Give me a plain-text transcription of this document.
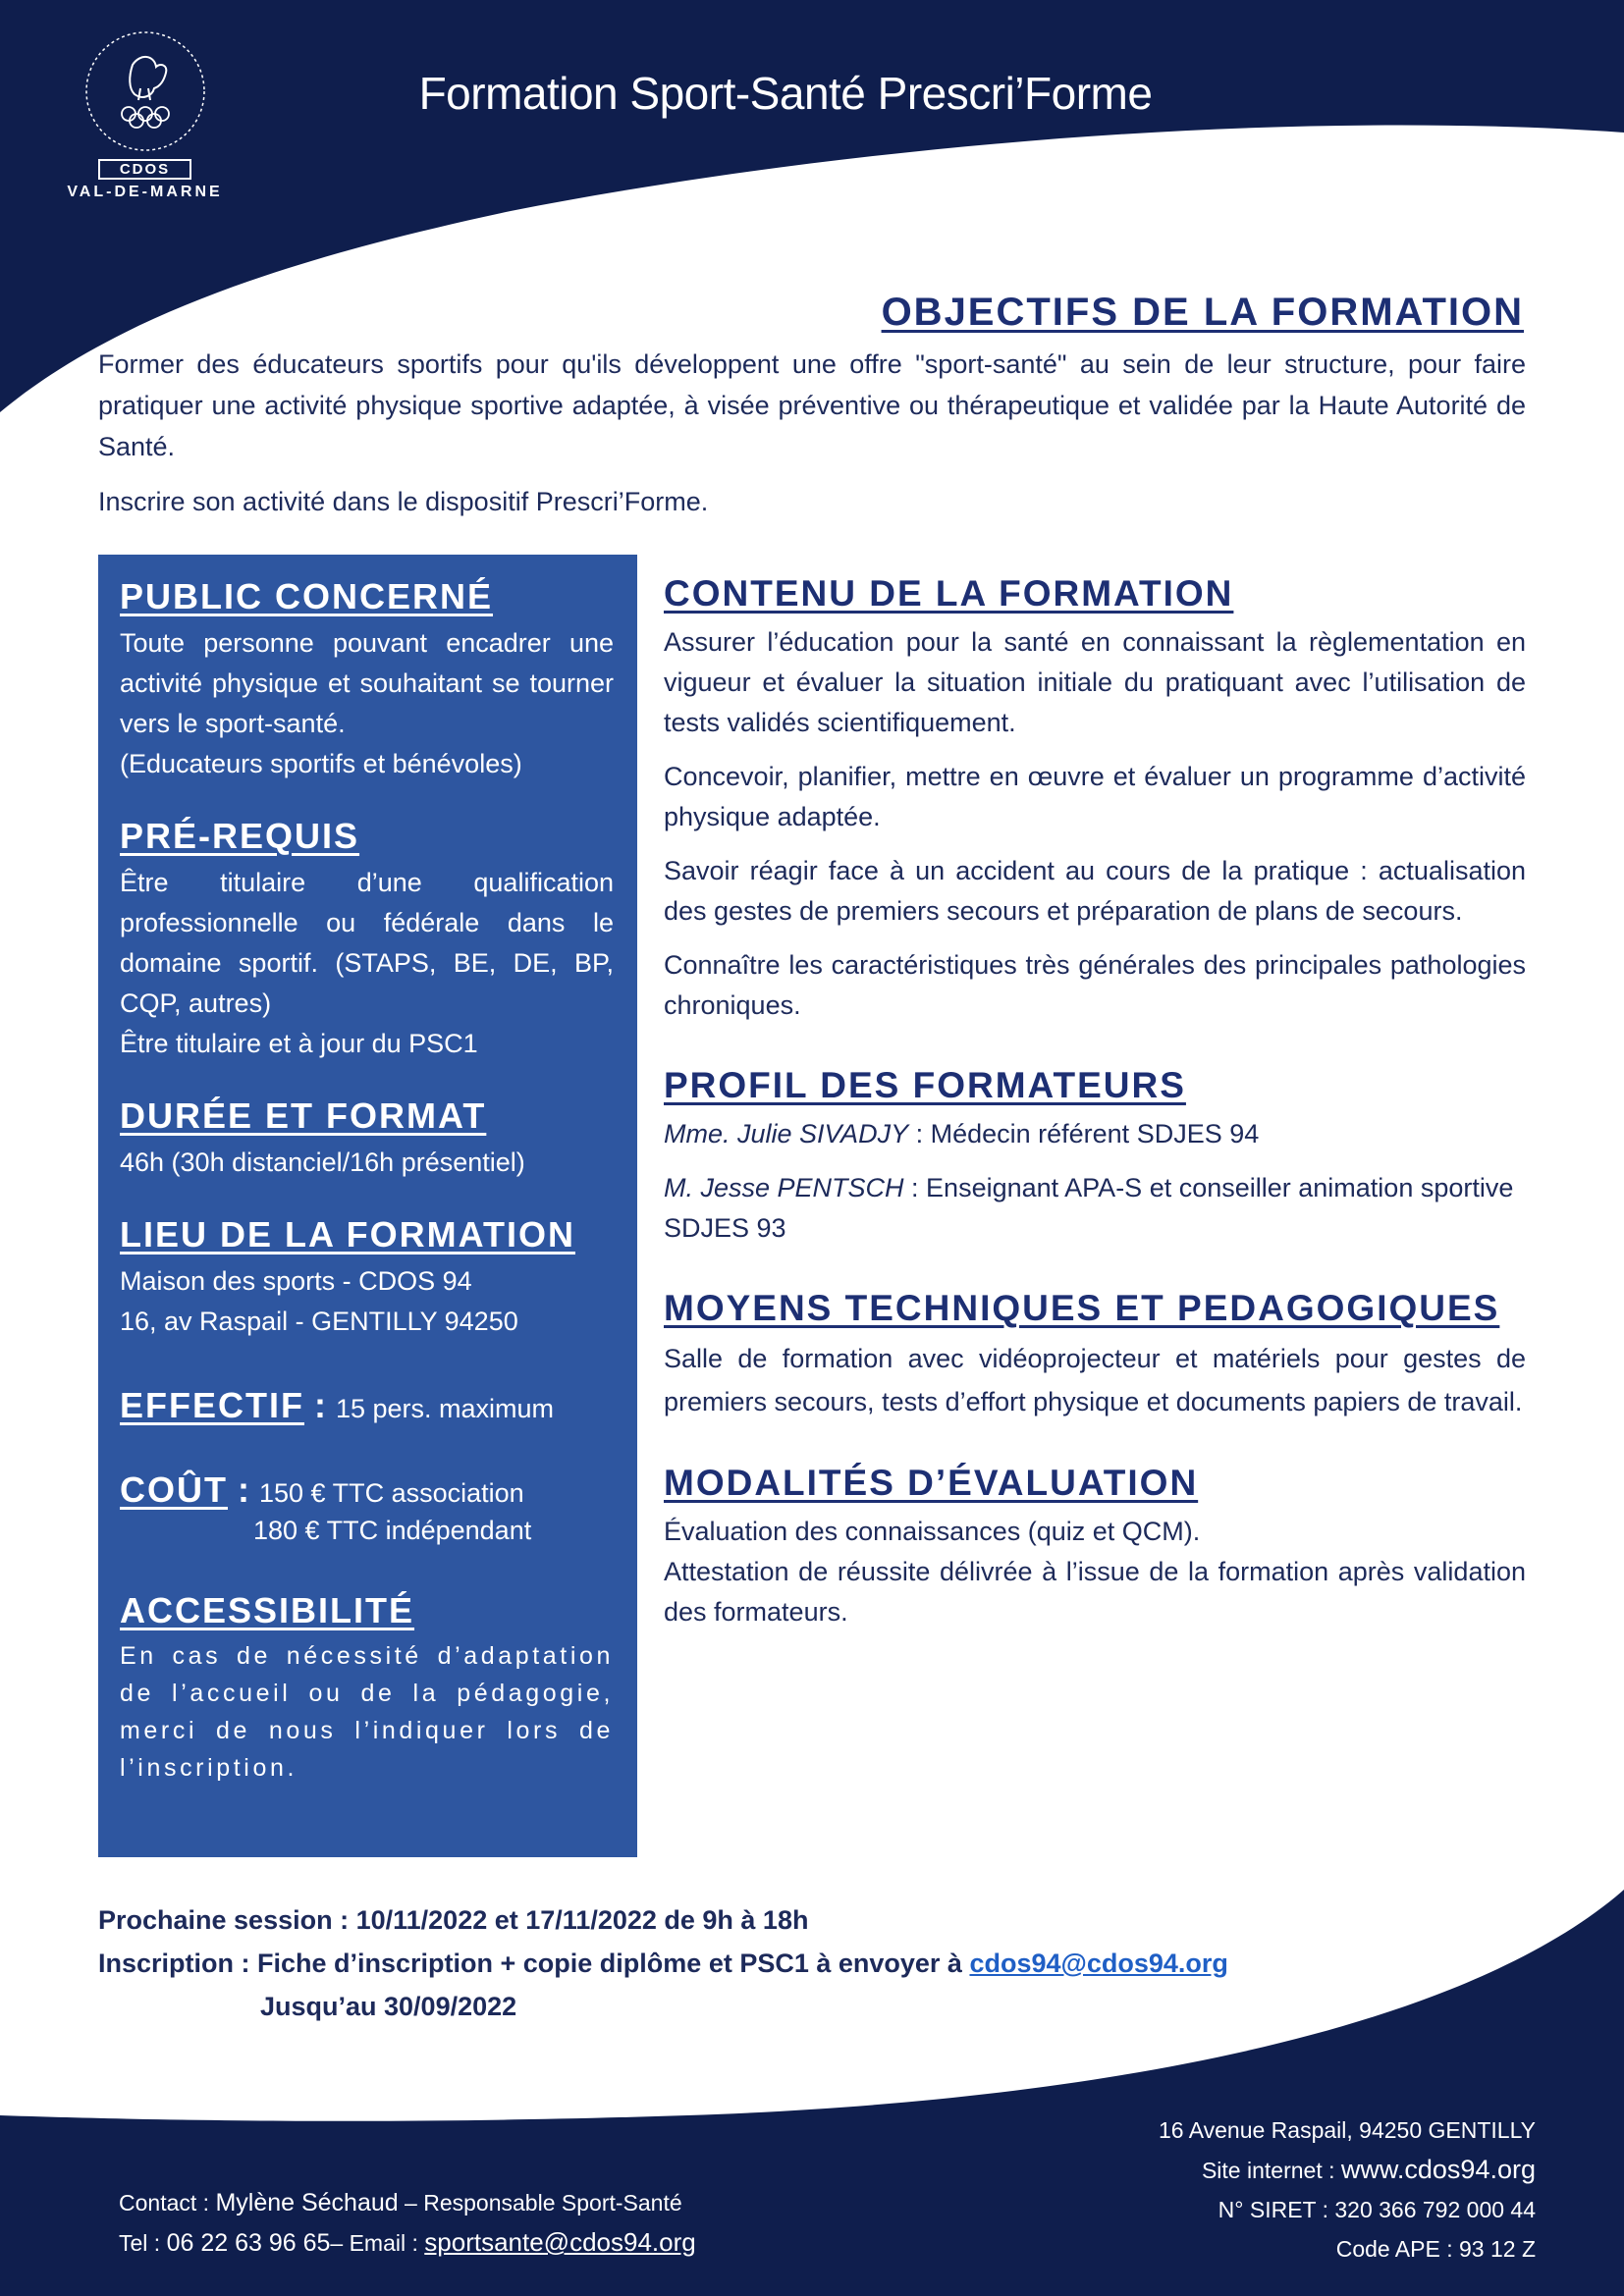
CDOS
VAL-DE-MARNE
Formation Sport-Santé Prescri’Forme
OBJECTIFS DE LA FORMATION

Former des éducateurs sportifs pour qu'ils développent une offre "sport-santé" au sein de leur structure, pour faire pratiquer une activité physique sportive adaptée, à visée préventive ou thérapeutique et validée par la Haute Autorité de Santé.

Inscrire son activité dans le dispositif Prescri’Forme.

PUBLIC CONCERNÉ

Toute personne pouvant encadrer une activité physique et souhaitant se tourner vers le sport-santé.

(Educateurs sportifs et bénévoles)

PRÉ-REQUIS

Être titulaire d’une qualification professionnelle ou fédérale dans le domaine sportif. (STAPS, BE, DE, BP, CQP, autres)

Être titulaire et à jour du PSC1

DURÉE ET FORMAT

46h (30h distanciel/16h présentiel)

LIEU DE LA FORMATION

Maison des sports - CDOS 94

16, av Raspail - GENTILLY 94250

EFFECTIF : 15 pers. maximum
COÛT : 150 € TTC association
180 € TTC indépendant
ACCESSIBILITÉ

En cas de nécessité d’adaptation de l’accueil ou de la pédagogie, merci de nous l’indiquer lors de l’inscription.

CONTENU DE LA FORMATION

Assurer l’éducation pour la santé en connaissant la règlementation en vigueur et évaluer la situation initiale du pratiquant avec l’utilisation de tests validés scientifiquement.

Concevoir, planifier, mettre en œuvre et évaluer un programme d’activité physique adaptée.

Savoir réagir face à un accident au cours de la pratique : actualisation des gestes de premiers secours et préparation de plans de secours.

Connaître les caractéristiques très générales des principales pathologies chroniques.

PROFIL DES FORMATEURS

Mme. Julie SIVADJY : Médecin référent SDJES 94

M. Jesse PENTSCH : Enseignant APA-S et conseiller animation sportive SDJES 93

MOYENS TECHNIQUES ET PEDAGOGIQUES

Salle de formation avec vidéoprojecteur et matériels pour gestes de premiers secours, tests d’effort physique et documents papiers de travail.

MODALITÉS D’ÉVALUATION

Évaluation des connaissances (quiz et QCM).

Attestation de réussite délivrée à l’issue de la formation après validation des formateurs.

Prochaine session : 10/11/2022 et 17/11/2022 de 9h à 18h
Inscription : Fiche d’inscription + copie diplôme et PSC1 à envoyer à cdos94@cdos94.org
Jusqu’au 30/09/2022
Contact : Mylène Séchaud – Responsable Sport-Santé
Tel : 06 22 63 96 65– Email : sportsante@cdos94.org
16 Avenue Raspail, 94250 GENTILLY
Site internet : www.cdos94.org
N° SIRET : 320 366 792 000 44
Code APE : 93 12 Z
